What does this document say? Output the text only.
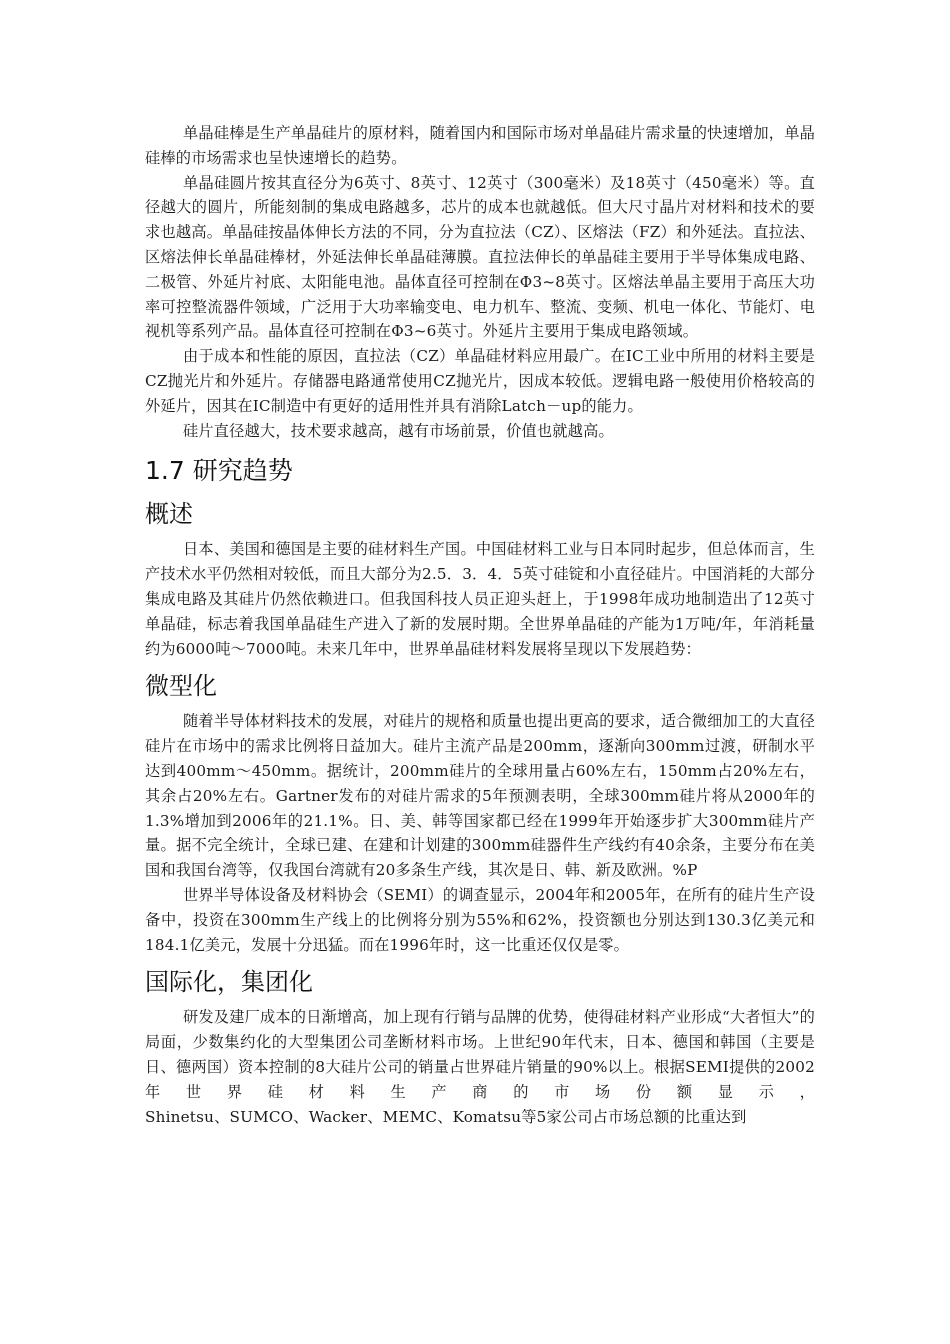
单晶硅棒是生产单晶硅片的原材料，随着国内和国际市场对单晶硅片需求量的快速增加，单晶硅棒的市场需求也呈快速增长的趋势。

单晶硅圆片按其直径分为6英寸、8英寸、12英寸（300毫米）及18英寸（450毫米）等。直径越大的圆片，所能刻制的集成电路越多，芯片的成本也就越低。但大尺寸晶片对材料和技术的要求也越高。单晶硅按晶体伸长方法的不同，分为直拉法（CZ）、区熔法（FZ）和外延法。直拉法、区熔法伸长单晶硅棒材，外延法伸长单晶硅薄膜。直拉法伸长的单晶硅主要用于半导体集成电路、二极管、外延片衬底、太阳能电池。晶体直径可控制在Φ3~8英寸。区熔法单晶主要用于高压大功率可控整流器件领域，广泛用于大功率输变电、电力机车、整流、变频、机电一体化、节能灯、电视机等系列产品。晶体直径可控制在Φ3~6英寸。外延片主要用于集成电路领域。

由于成本和性能的原因，直拉法（CZ）单晶硅材料应用最广。在IC工业中所用的材料主要是CZ抛光片和外延片。存储器电路通常使用CZ抛光片，因成本较低。逻辑电路一般使用价格较高的外延片，因其在IC制造中有更好的适用性并具有消除Latch－up的能力。

硅片直径越大，技术要求越高，越有市场前景，价值也就越高。

1.7 研究趋势
概述

日本、美国和德国是主要的硅材料生产国。中国硅材料工业与日本同时起步，但总体而言，生产技术水平仍然相对较低，而且大部分为2.5．3．4．5英寸硅锭和小直径硅片。中国消耗的大部分集成电路及其硅片仍然依赖进口。但我国科技人员正迎头赶上，于1998年成功地制造出了12英寸单晶硅，标志着我国单晶硅生产进入了新的发展时期。全世界单晶硅的产能为1万吨/年，年消耗量约为6000吨～7000吨。未来几年中，世界单晶硅材料发展将呈现以下发展趋势：

微型化

随着半导体材料技术的发展，对硅片的规格和质量也提出更高的要求，适合微细加工的大直径硅片在市场中的需求比例将日益加大。硅片主流产品是200mm，逐渐向300mm过渡，研制水平达到400mm～450mm。据统计，200mm硅片的全球用量占60%左右，150mm占20%左右，其余占20%左右。Gartner发布的对硅片需求的5年预测表明，全球300mm硅片将从2000年的1.3%增加到2006年的21.1%。日、美、韩等国家都已经在1999年开始逐步扩大300mm硅片产量。据不完全统计，全球已建、在建和计划建的300mm硅器件生产线约有40余条，主要分布在美国和我国台湾等，仅我国台湾就有20多条生产线，其次是日、韩、新及欧洲。%P

世界半导体设备及材料协会（SEMI）的调查显示，2004年和2005年，在所有的硅片生产设备中，投资在300mm生产线上的比例将分别为55%和62%，投资额也分别达到130.3亿美元和184.1亿美元，发展十分迅猛。而在1996年时，这一比重还仅仅是零。

国际化，集团化

研发及建厂成本的日渐增高，加上现有行销与品牌的优势，使得硅材料产业形成“大者恒大”的局面，少数集约化的大型集团公司垄断材料市场。上世纪90年代末，日本、德国和韩国（主要是日、德两国）资本控制的8大硅片公司的销量占世界硅片销量的90%以上。根据SEMI提供的2002年世界硅材料生产商的市场份额显示，

Shinetsu、SUMCO、Wacker、MEMC、Komatsu等5家公司占市场总额的比重达到
